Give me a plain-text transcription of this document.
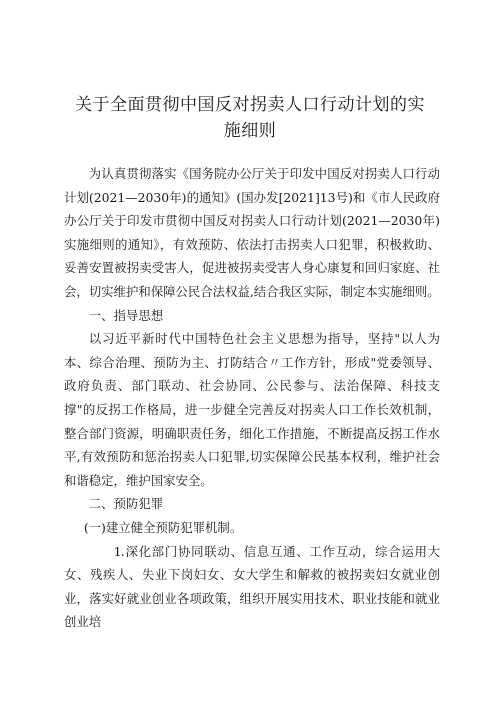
关于全面贯彻中国反对拐卖人口行动计划的实施细则

为认真贯彻落实《国务院办公厅关于印发中国反对拐卖人口行动计划(2021—2030年)的通知》(国办发[2021]13号)和《市人民政府办公厅关于印发市贯彻中国反对拐卖人口行动计划(2021—2030年)实施细则的通知》，有效预防、依法打击拐卖人口犯罪，积极救助、妥善安置被拐卖受害人，促进被拐卖受害人身心康复和回归家庭、社会，切实维护和保障公民合法权益,结合我区实际，制定本实施细则。

一、指导思想

以习近平新时代中国特色社会主义思想为指导，坚持"以人为本、综合治理、预防为主、打防结合〃工作方针，形成"党委领导、政府负责、部门联动、社会协同、公民参与、法治保障、科技支撑"的反拐工作格局，进一步健全完善反对拐卖人口工作长效机制，整合部门资源，明确职责任务，细化工作措施，不断提高反拐工作水平,有效预防和惩治拐卖人口犯罪,切实保障公民基本权利，维护社会和谐稳定，维护国家安全。

二、预防犯罪

(一)建立健全预防犯罪机制。

1.深化部门协同联动、信息互通、工作互动，综合运用大女、残疾人、失业下岗妇女、女大学生和解救的被拐卖妇女就业创业，落实好就业创业各项政策，组织开展实用技术、职业技能和就业创业培
